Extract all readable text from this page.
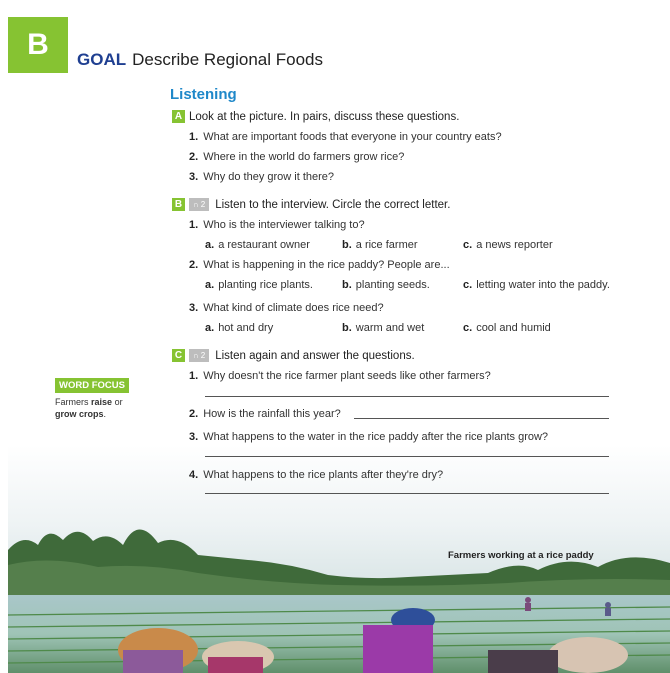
B	GOAL Describe Regional Foods
Farmers working at a rice paddy
Listening
A Look at the picture. In pairs, discuss these questions.
1. What are important foods that everyone in your country eats?
2. Where in the world do farmers grow rice?
3. Why do they grow it there?
B	∩ 2 Listen to the interview. Circle the correct letter.
1. Who is the interviewer talking to?
a. a restaurant owner	b. a rice farmer	c. a news reporter
2. What is happening in the rice paddy? People are...
a. planting rice plants.	b. planting seeds.	c. letting water into the paddy.
3. What kind of climate does rice need?
a. hot and dry	b. warm and wet	c. cool and humid
C	∩ 2 Listen again and answer the questions.
1. Why doesn't the rice farmer plant seeds like other farmers?
2. How is the rainfall this year?
3. What happens to the water in the rice paddy after the rice plants grow?
4. What happens to the rice plants after they're dry?
WORD FOCUS
Farmers raise or
grow crops.
